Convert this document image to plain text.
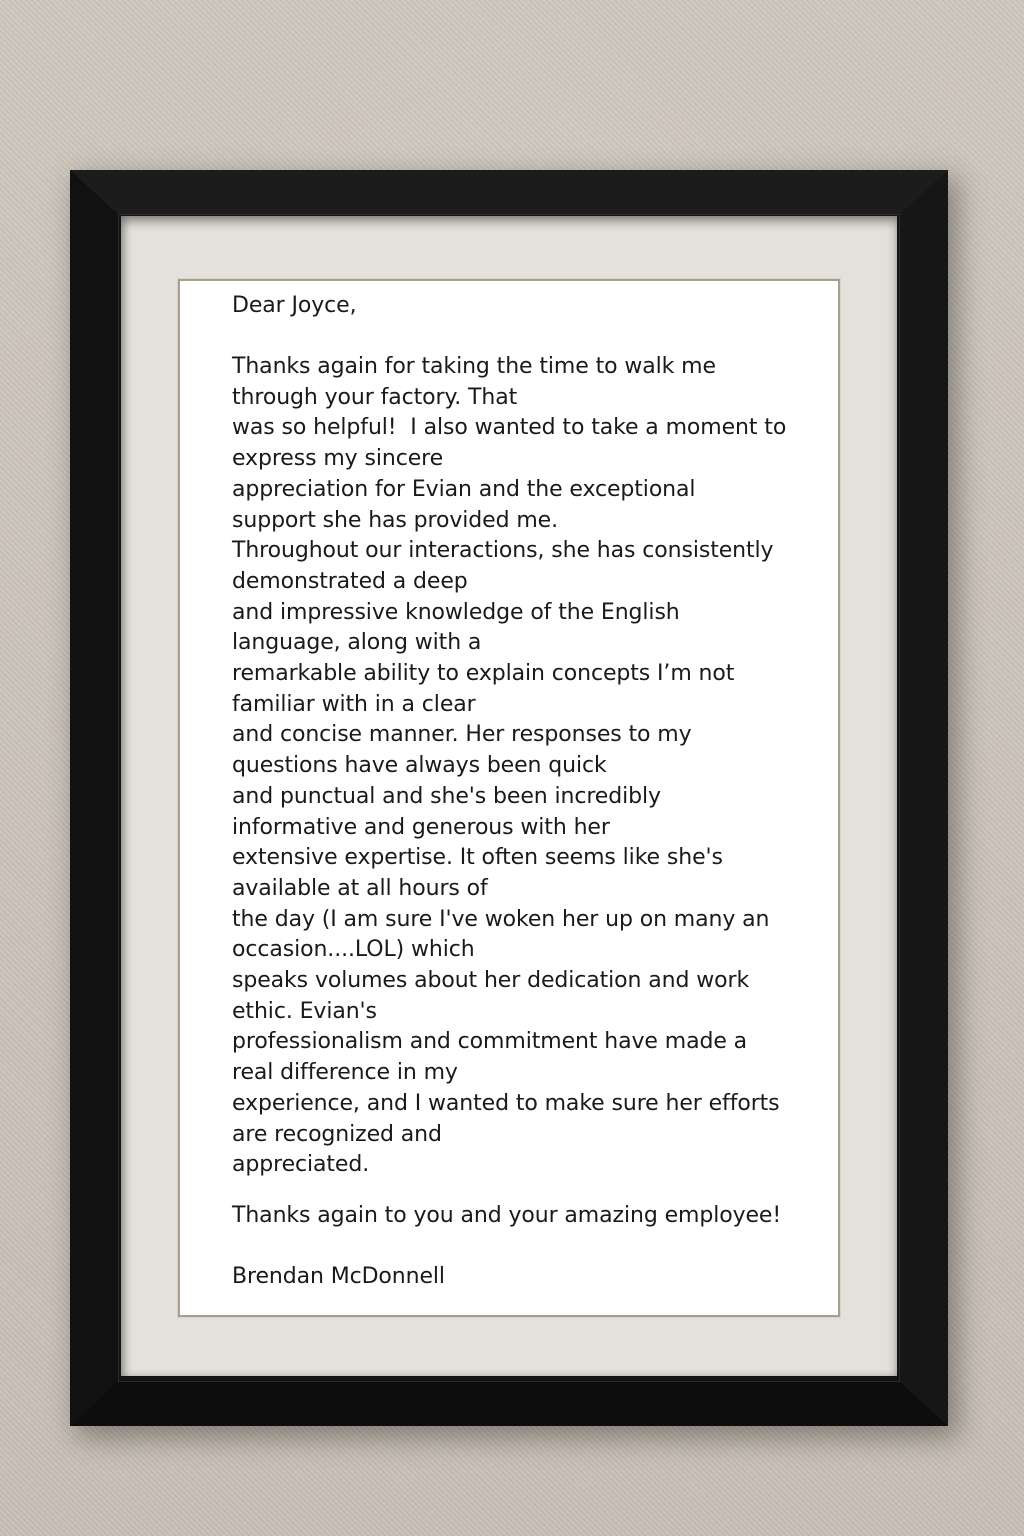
Dear Joyce,
Thanks again for taking the time to walk me
through your factory. That
was so helpful!  I also wanted to take a moment to
express my sincere
appreciation for Evian and the exceptional
support she has provided me.
Throughout our interactions, she has consistently
demonstrated a deep
and impressive knowledge of the English
language, along with a
remarkable ability to explain concepts I’m not
familiar with in a clear
and concise manner. Her responses to my
questions have always been quick
and punctual and she's been incredibly
informative and generous with her
extensive expertise. It often seems like she's
available at all hours of
the day (I am sure I've woken her up on many an
occasion....LOL) which
speaks volumes about her dedication and work
ethic. Evian's
professionalism and commitment have made a
real difference in my
experience, and I wanted to make sure her efforts
are recognized and
appreciated.
Thanks again to you and your amazing employee!
Brendan McDonnell
